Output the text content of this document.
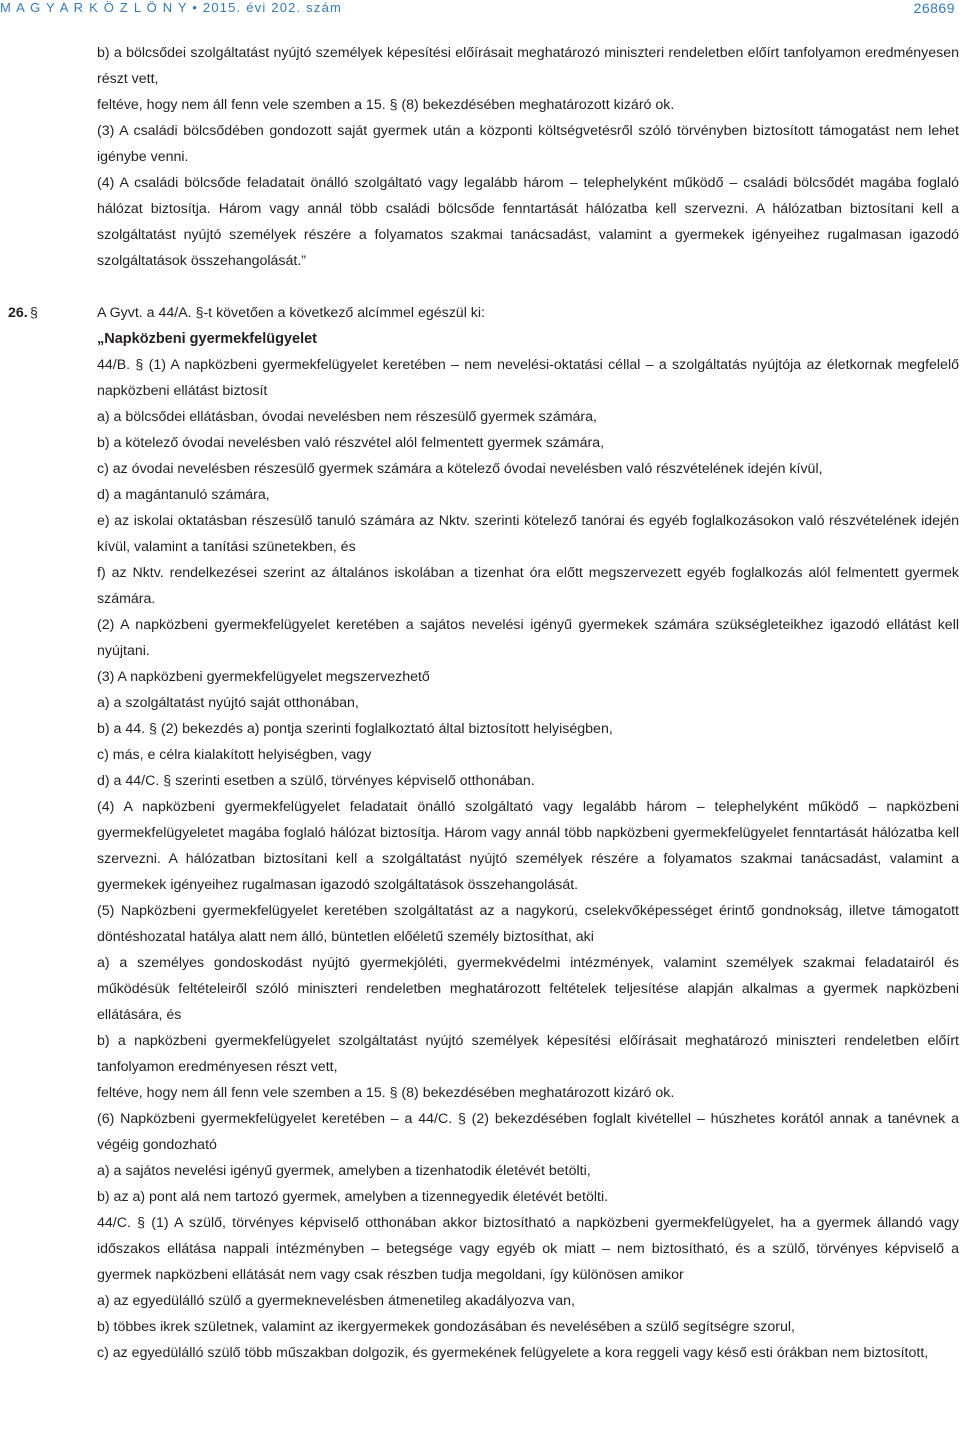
M A G Y A R K Ö Z L Ö N Y • 2015. évi 202. szám	26869

b) a bölcsődei szolgáltatást nyújtó személyek képesítési előírásait meghatározó miniszteri rendeletben előírt tanfolyamon eredményesen részt vett,

feltéve, hogy nem áll fenn vele szemben a 15. § (8) bekezdésében meghatározott kizáró ok.

(3) A családi bölcsődében gondozott saját gyermek után a központi költségvetésről szóló törvényben biztosított támogatást nem lehet igénybe venni.

(4) A családi bölcsőde feladatait önálló szolgáltató vagy legalább három – telephelyként működő – családi bölcsődét magába foglaló hálózat biztosítja. Három vagy annál több családi bölcsőde fenntartását hálózatba kell szervezni. A hálózatban biztosítani kell a szolgáltatást nyújtó személyek részére a folyamatos szakmai tanácsadást, valamint a gyermekek igényeihez rugalmasan igazodó szolgáltatások összehangolását.”

26. §	A Gyvt. a 44/A. §-t követően a következő alcímmel egészül ki:

„Napközbeni gyermekfelügyelet

44/B. § (1) A napközbeni gyermekfelügyelet keretében – nem nevelési-oktatási céllal – a szolgáltatás nyújtója az életkornak megfelelő napközbeni ellátást biztosít

a) a bölcsődei ellátásban, óvodai nevelésben nem részesülő gyermek számára,

b) a kötelező óvodai nevelésben való részvétel alól felmentett gyermek számára,

c) az óvodai nevelésben részesülő gyermek számára a kötelező óvodai nevelésben való részvételének idején kívül,

d) a magántanuló számára,

e) az iskolai oktatásban részesülő tanuló számára az Nktv. szerinti kötelező tanórai és egyéb foglalkozásokon való részvételének idején kívül, valamint a tanítási szünetekben, és

f) az Nktv. rendelkezései szerint az általános iskolában a tizenhat óra előtt megszervezett egyéb foglalkozás alól felmentett gyermek számára.

(2) A napközbeni gyermekfelügyelet keretében a sajátos nevelési igényű gyermekek számára szükségleteikhez igazodó ellátást kell nyújtani.

(3) A napközbeni gyermekfelügyelet megszervezhető

a) a szolgáltatást nyújtó saját otthonában,

b) a 44. § (2) bekezdés a) pontja szerinti foglalkoztató által biztosított helyiségben,

c) más, e célra kialakított helyiségben, vagy

d) a 44/C. § szerinti esetben a szülő, törvényes képviselő otthonában.

(4) A napközbeni gyermekfelügyelet feladatait önálló szolgáltató vagy legalább három – telephelyként működő – napközbeni gyermekfelügyeletet magába foglaló hálózat biztosítja. Három vagy annál több napközbeni gyermekfelügyelet fenntartását hálózatba kell szervezni. A hálózatban biztosítani kell a szolgáltatást nyújtó személyek részére a folyamatos szakmai tanácsadást, valamint a gyermekek igényeihez rugalmasan igazodó szolgáltatások összehangolását.

(5) Napközbeni gyermekfelügyelet keretében szolgáltatást az a nagykorú, cselekvőképességet érintő gondnokság, illetve támogatott döntéshozatal hatálya alatt nem álló, büntetlen előéletű személy biztosíthat, aki

a) a személyes gondoskodást nyújtó gyermekjóléti, gyermekvédelmi intézmények, valamint személyek szakmai feladatairól és működésük feltételeiről szóló miniszteri rendeletben meghatározott feltételek teljesítése alapján alkalmas a gyermek napközbeni ellátására, és

b) a napközbeni gyermekfelügyelet szolgáltatást nyújtó személyek képesítési előírásait meghatározó miniszteri rendeletben előírt tanfolyamon eredményesen részt vett,

feltéve, hogy nem áll fenn vele szemben a 15. § (8) bekezdésében meghatározott kizáró ok.

(6) Napközbeni gyermekfelügyelet keretében – a 44/C. § (2) bekezdésében foglalt kivétellel – húszhetes korától annak a tanévnek a végéig gondozható

a) a sajátos nevelési igényű gyermek, amelyben a tizenhatodik életévét betölti,

b) az a) pont alá nem tartozó gyermek, amelyben a tizennegyedik életévét betölti.

44/C. § (1) A szülő, törvényes képviselő otthonában akkor biztosítható a napközbeni gyermekfelügyelet, ha a gyermek állandó vagy időszakos ellátása nappali intézményben – betegsége vagy egyéb ok miatt – nem biztosítható, és a szülő, törvényes képviselő a gyermek napközbeni ellátását nem vagy csak részben tudja megoldani, így különösen amikor

a) az egyedülálló szülő a gyermeknevelésben átmenetileg akadályozva van,

b) többes ikrek születnek, valamint az ikergyermekek gondozásában és nevelésében a szülő segítségre szorul,

c) az egyedülálló szülő több műszakban dolgozik, és gyermekének felügyelete a kora reggeli vagy késő esti órákban nem biztosított,
